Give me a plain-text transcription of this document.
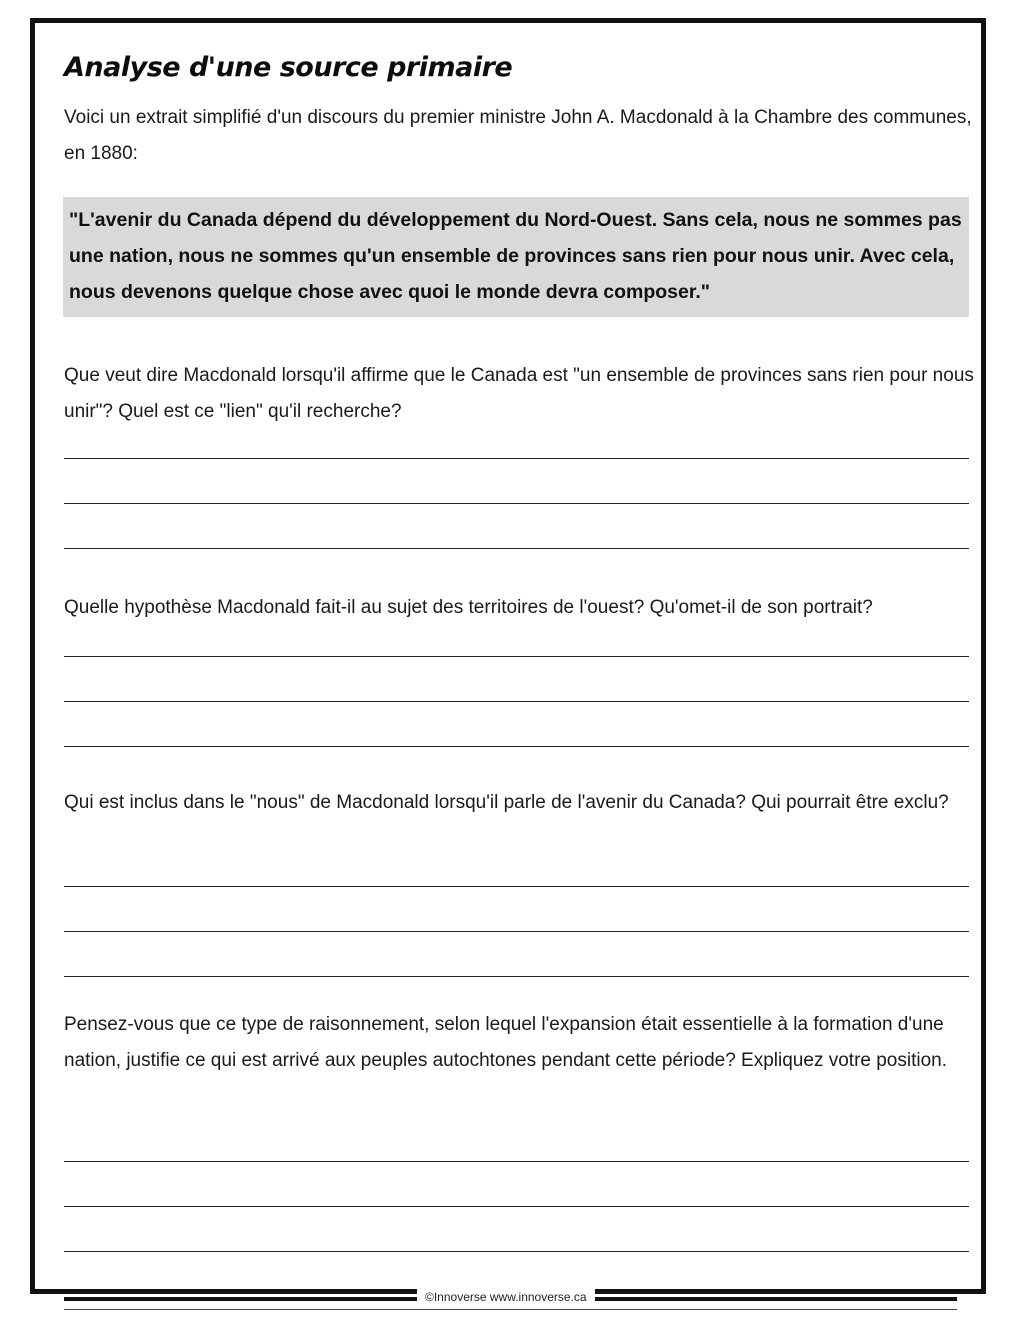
Analyse d'une source primaire

Voici un extrait simplifié d'un discours du premier ministre John A. Macdonald à la Chambre des communes, en 1880:

"L'avenir du Canada dépend du développement du Nord-Ouest. Sans cela, nous ne sommes pas une nation, nous ne sommes qu'un ensemble de provinces sans rien pour nous unir. Avec cela, nous devenons quelque chose avec quoi le monde devra composer."

Que veut dire Macdonald lorsqu'il affirme que le Canada est "un ensemble de provinces sans rien pour nous unir"? Quel est ce "lien" qu'il recherche?

Quelle hypothèse Macdonald fait-il au sujet des territoires de l'ouest? Qu'omet-il de son portrait?

Qui est inclus dans le "nous" de Macdonald lorsqu'il parle de l'avenir du Canada? Qui pourrait être exclu?

Pensez-vous que ce type de raisonnement, selon lequel l'expansion était essentielle à la formation d'une nation, justifie ce qui est arrivé aux peuples autochtones pendant cette période? Expliquez votre position.

©Innoverse www.innoverse.ca
